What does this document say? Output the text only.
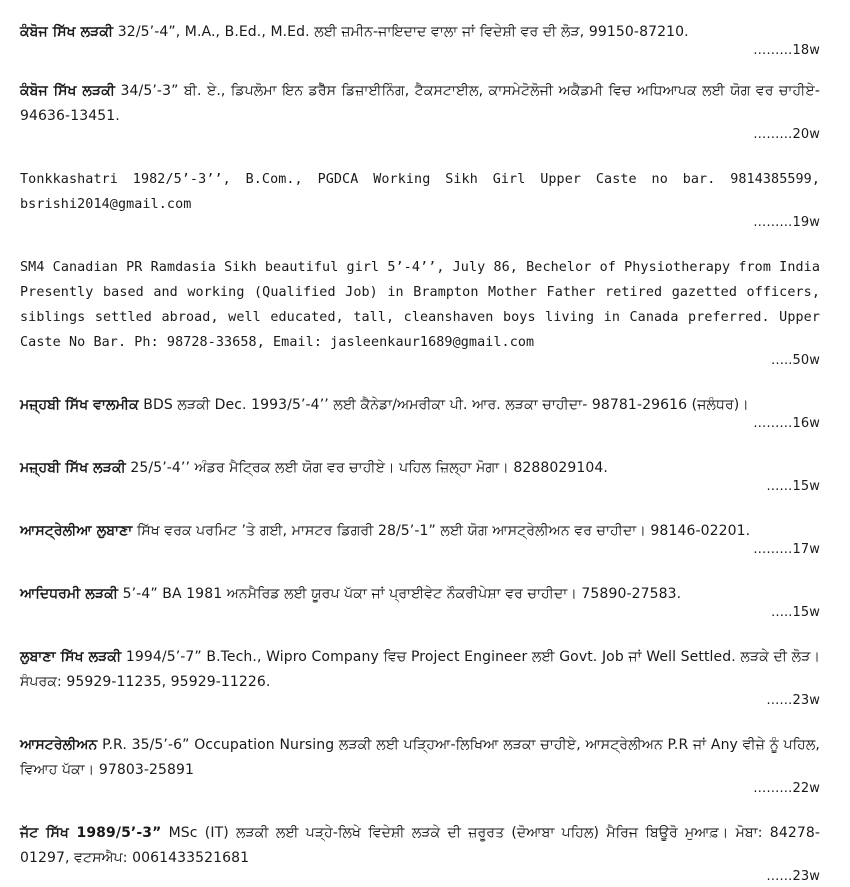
ਕੰਬੋਜ ਸਿੱਖ ਲੜਕੀ 32/5’-4”, M.A., B.Ed., M.Ed. ਲਈ ਜ਼ਮੀਨ-ਜਾਇਦਾਦ ਵਾਲਾ ਜਾਂ ਵਿਦੇਸ਼ੀ ਵਰ ਦੀ ਲੋੜ, 99150-87210.
………18w
ਕੰਬੋਜ ਸਿੱਖ ਲੜਕੀ 34/5’-3” ਬੀ. ਏ., ਡਿਪਲੋਮਾ ਇਨ ਡਰੈੱਸ ਡਿਜ਼ਾਈਨਿੰਗ, ਟੈਕਸਟਾਈਲ, ਕਾਸਮੇਟੋਲੋਜੀ ਅਕੈਡਮੀ ਵਿਚ ਅਧਿਆਪਕ ਲਈ ਯੋਗ ਵਰ ਚਾਹੀਏ- 94636-13451.
………20w
Tonkkashatri 1982/5’-3’’, B.Com., PGDCA Working Sikh Girl Upper Caste no bar. 9814385599, bsrishi2014@gmail.com
………19w
SM4 Canadian PR Ramdasia Sikh beautiful girl 5’-4’’, July 86, Bechelor of Physiotherapy from India Presently based and working (Qualified Job) in Brampton Mother Father retired gazetted officers, siblings settled abroad, well educated, tall, cleanshaven boys living in Canada preferred. Upper Caste No Bar. Ph: 98728-33658, Email: jasleenkaur1689@gmail.com
…..50w
ਮਜ਼੍ਹਬੀ ਸਿੱਖ ਵਾਲਮੀਕ BDS ਲੜਕੀ Dec. 1993/5’-4’’ ਲਈ ਕੈਨੇਡਾ/ਅਮਰੀਕਾ ਪੀ. ਆਰ. ਲੜਕਾ ਚਾਹੀਦਾ- 98781-29616 (ਜਲੰਧਰ)।
………16w
ਮਜ਼੍ਹਬੀ ਸਿੱਖ ਲੜਕੀ 25/5’-4’’ ਅੰਡਰ ਮੈਟ੍ਰਿਕ ਲਈ ਯੋਗ ਵਰ ਚਾਹੀਏ। ਪਹਿਲ ਜ਼ਿਲ੍ਹਾ ਮੋਗਾ। 8288029104.
……15w
ਆਸਟ੍ਰੇਲੀਆ ਲੁਬਾਣਾ ਸਿੱਖ ਵਰਕ ਪਰਮਿਟ ’ਤੇ ਗਈ, ਮਾਸਟਰ ਡਿਗਰੀ 28/5’-1” ਲਈ ਯੋਗ ਆਸਟ੍ਰੇਲੀਅਨ ਵਰ ਚਾਹੀਦਾ। 98146-02201.
………17w
ਆਦਿਧਰਮੀ ਲੜਕੀ 5’-4” BA 1981 ਅਨਮੈਰਿਡ ਲਈ ਯੂਰਪ ਪੱਕਾ ਜਾਂ ਪ੍ਰਾਈਵੇਟ ਨੌਕਰੀਪੇਸ਼ਾ ਵਰ ਚਾਹੀਦਾ। 75890-27583.
…..15w
ਲੁਬਾਣਾ ਸਿੱਖ ਲੜਕੀ 1994/5’-7” B.Tech., Wipro Company ਵਿਚ Project Engineer ਲਈ Govt. Job ਜਾਂ Well Settled. ਲੜਕੇ ਦੀ ਲੋੜ। ਸੰਪਰਕ: 95929-11235, 95929-11226.
……23w
ਆਸਟਰੇਲੀਅਨ P.R. 35/5’-6” Occupation Nursing ਲੜਕੀ ਲਈ ਪੜ੍ਹਿਆ-ਲਿਖਿਆ ਲੜਕਾ ਚਾਹੀਏ, ਆਸਟ੍ਰੇਲੀਅਨ P.R ਜਾਂ Any ਵੀਜ਼ੇ ਨੂੰ ਪਹਿਲ, ਵਿਆਹ ਪੱਕਾ। 97803-25891
………22w
ਜੱਟ ਸਿੱਖ 1989/5’-3” MSc (IT) ਲੜਕੀ ਲਈ ਪੜ੍ਹੇ-ਲਿਖੇ ਵਿਦੇਸ਼ੀ ਲੜਕੇ ਦੀ ਜ਼ਰੂਰਤ (ਦੋਆਬਾ ਪਹਿਲ) ਮੈਰਿਜ ਬਿਊਰੋ ਮੁਆਫ਼। ਮੋਬਾ: 84278-01297, ਵਟਸਐਪ: 0061433521681
……23w
